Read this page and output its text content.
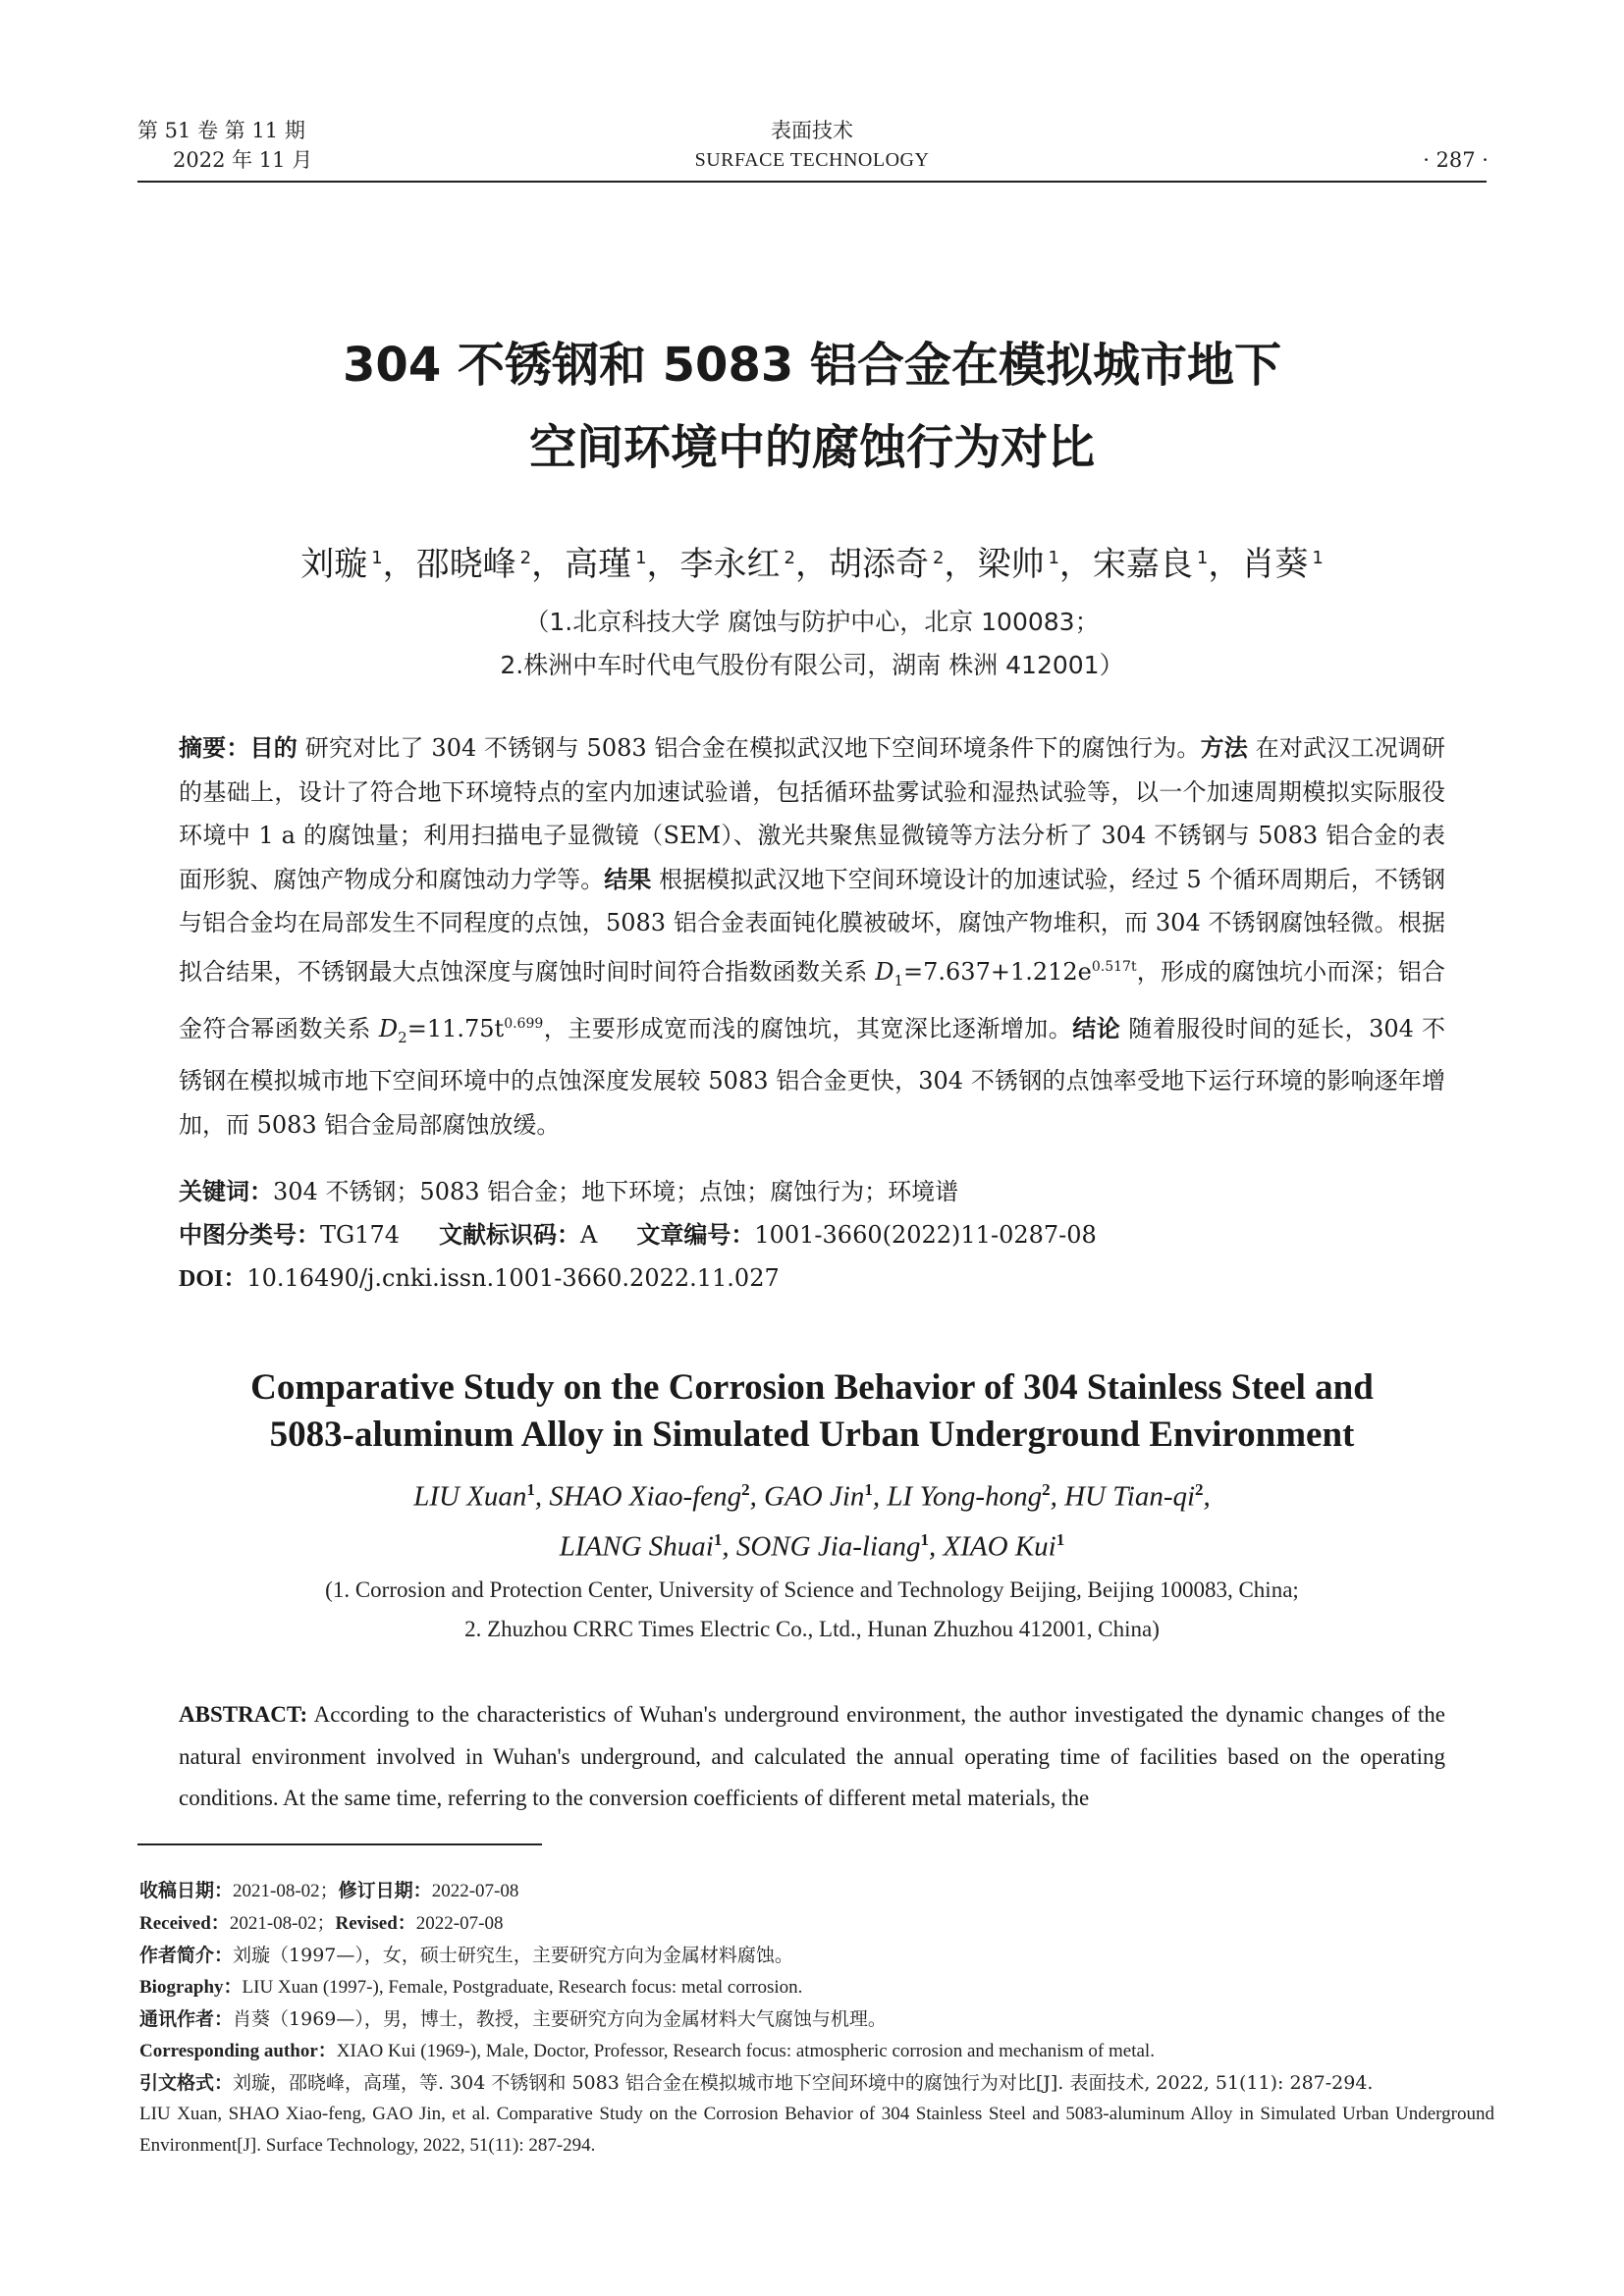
第 51 卷 第 11 期
2022 年 11 月
表面技术
SURFACE TECHNOLOGY	· 287 ·
304 不锈钢和 5083 铝合金在模拟城市地下
空间环境中的腐蚀行为对比
刘璇 $^1$，邵晓峰 $^2$，高瑾 $^1$，李永红 $^2$，胡添奇 $^2$，梁帅 $^1$，宋嘉良 $^1$，肖葵 $^1$
（1.北京科技大学 腐蚀与防护中心，北京 100083；
2.株洲中车时代电气股份有限公司，湖南 株洲 412001）
摘要：目的 研究对比了 304 不锈钢与 5083 铝合金在模拟武汉地下空间环境条件下的腐蚀行为。方法 在对武汉工况调研的基础上，设计了符合地下环境特点的室内加速试验谱，包括循环盐雾试验和湿热试验等，以一个加速周期模拟实际服役环境中 1 a 的腐蚀量；利用扫描电子显微镜（SEM）、激光共聚焦显微镜等方法分析了 304 不锈钢与 5083 铝合金的表面形貌、腐蚀产物成分和腐蚀动力学等。结果 根据模拟武汉地下空间环境设计的加速试验，经过 5 个循环周期后，不锈钢与铝合金均在局部发生不同程度的点蚀，5083 铝合金表面钝化膜被破坏，腐蚀产物堆积，而 304 不锈钢腐蚀轻微。根据拟合结果，不锈钢最大点蚀深度与腐蚀时间时间符合指数函数关系 $D_1=7.637+1.212e^{0.517t}$，形成的腐蚀坑小而深；铝合金符合幂函数关系 $D_2=11.75t^{0.699}$，主要形成宽而浅的腐蚀坑，其宽深比逐渐增加。结论 随着服役时间的延长，304 不锈钢在模拟城市地下空间环境中的点蚀深度发展较 5083 铝合金更快，304 不锈钢的点蚀率受地下运行环境的影响逐年增加，而 5083 铝合金局部腐蚀放缓。
关键词：304 不锈钢；5083 铝合金；地下环境；点蚀；腐蚀行为；环境谱
中图分类号：TG174 文献标识码：A 文章编号：1001-3660(2022)11-0287-08
DOI：10.16490/j.cnki.issn.1001-3660.2022.11.027
Comparative Study on the Corrosion Behavior of 304 Stainless Steel and
5083-aluminum Alloy in Simulated Urban Underground Environment
LIU Xuan$^1$, SHAO Xiao-feng$^2$, GAO Jin$^1$, LI Yong-hong$^2$, HU Tian-$qi^2$,
LIANG Shuai$^1$, SONG Jia-liang$^1$, XIAO Kui$^1$
(1. Corrosion and Protection Center, University of Science and Technology Beijing, Beijing 100083, China;
2. Zhuzhou CRRC Times Electric Co., Ltd., Hunan Zhuzhou 412001, China)
ABSTRACT: According to the characteristics of Wuhan's underground environment, the author investigated the dynamic changes of the natural environment involved in Wuhan's underground, and calculated the annual operating time of facilities based on the operating conditions. At the same time, referring to the conversion coefficients of different metal materials, the
收稿日期：2021-08-02；修订日期：2022-07-08
Received：2021-08-02；Revised：2022-07-08
作者简介：刘璇（1997—），女，硕士研究生，主要研究方向为金属材料腐蚀。
Biography：LIU Xuan (1997-), Female, Postgraduate, Research focus: metal corrosion.
通讯作者：肖葵（1969—），男，博士，教授，主要研究方向为金属材料大气腐蚀与机理。
Corresponding author：XIAO Kui (1969-), Male, Doctor, Professor, Research focus: atmospheric corrosion and mechanism of metal.
引文格式：刘璇，邵晓峰，高瑾，等. 304 不锈钢和 5083 铝合金在模拟城市地下空间环境中的腐蚀行为对比[J]. 表面技术, 2022, 51(11): 287-294.
LIU Xuan, SHAO Xiao-feng, GAO Jin, et al. Comparative Study on the Corrosion Behavior of 304 Stainless Steel and 5083-aluminum Alloy in Simulated Urban Underground Environment[J]. Surface Technology, 2022, 51(11): 287-294.
